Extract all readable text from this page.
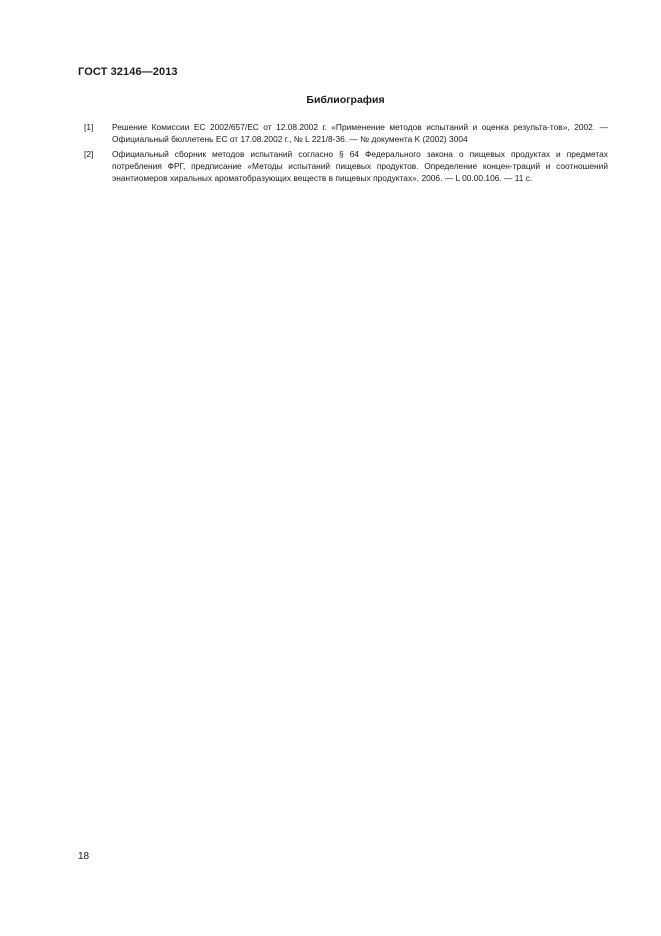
ГОСТ 32146—2013
Библиография
[1]	Решение Комиссии ЕС 2002/657/ЕС от 12.08.2002 г. «Применение методов испытаний и оценка результа-тов», 2002. — Официальный бюллетень ЕС от 17.08.2002 г., № L 221/8-36. — № документа K (2002) 3004
[2]	Официальный сборник методов испытаний согласно § 64 Федерального закона о пищевых продуктах и предметах потребления ФРГ, предписание «Методы испытаний пищевых продуктов. Определение концен-траций и соотношений энантиомеров хиральных ароматобразующих веществ в пищевых продуктах», 2006. — L 00.00.106. — 11 с.
18
